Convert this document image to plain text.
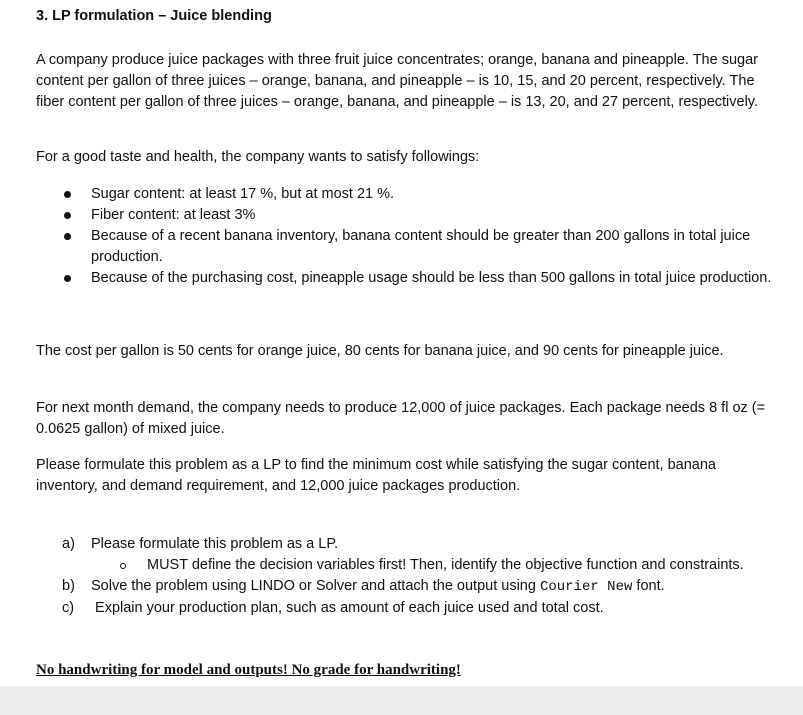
3. LP formulation – Juice blending

A company produce juice packages with three fruit juice concentrates; orange, banana and pineapple. The sugar content per gallon of three juices – orange, banana, and pineapple – is 10, 15, and 20 percent, respectively. The fiber content per gallon of three juices – orange, banana, and pineapple – is 13, 20, and 27 percent, respectively.

For a good taste and health, the company wants to satisfy followings:

Sugar content: at least 17 %, but at most 21 %.
Fiber content: at least 3%
Because of a recent banana inventory, banana content should be greater than 200 gallons in total juice production.
Because of the purchasing cost, pineapple usage should be less than 500 gallons in total juice production.

The cost per gallon is 50 cents for orange juice, 80 cents for banana juice, and 90 cents for pineapple juice.

For next month demand, the company needs to produce 12,000 of juice packages. Each package needs 8 fl oz (= 0.0625 gallon) of mixed juice.

Please formulate this problem as a LP to find the minimum cost while satisfying the sugar content, banana inventory, and demand requirement, and 12,000 juice packages production.

a) Please formulate this problem as a LP.
MUST define the decision variables first! Then, identify the objective function and constraints.
b) Solve the problem using LINDO or Solver and attach the output using Courier New font.
c) Explain your production plan, such as amount of each juice used and total cost.
No handwriting for model and outputs! No grade for handwriting!
